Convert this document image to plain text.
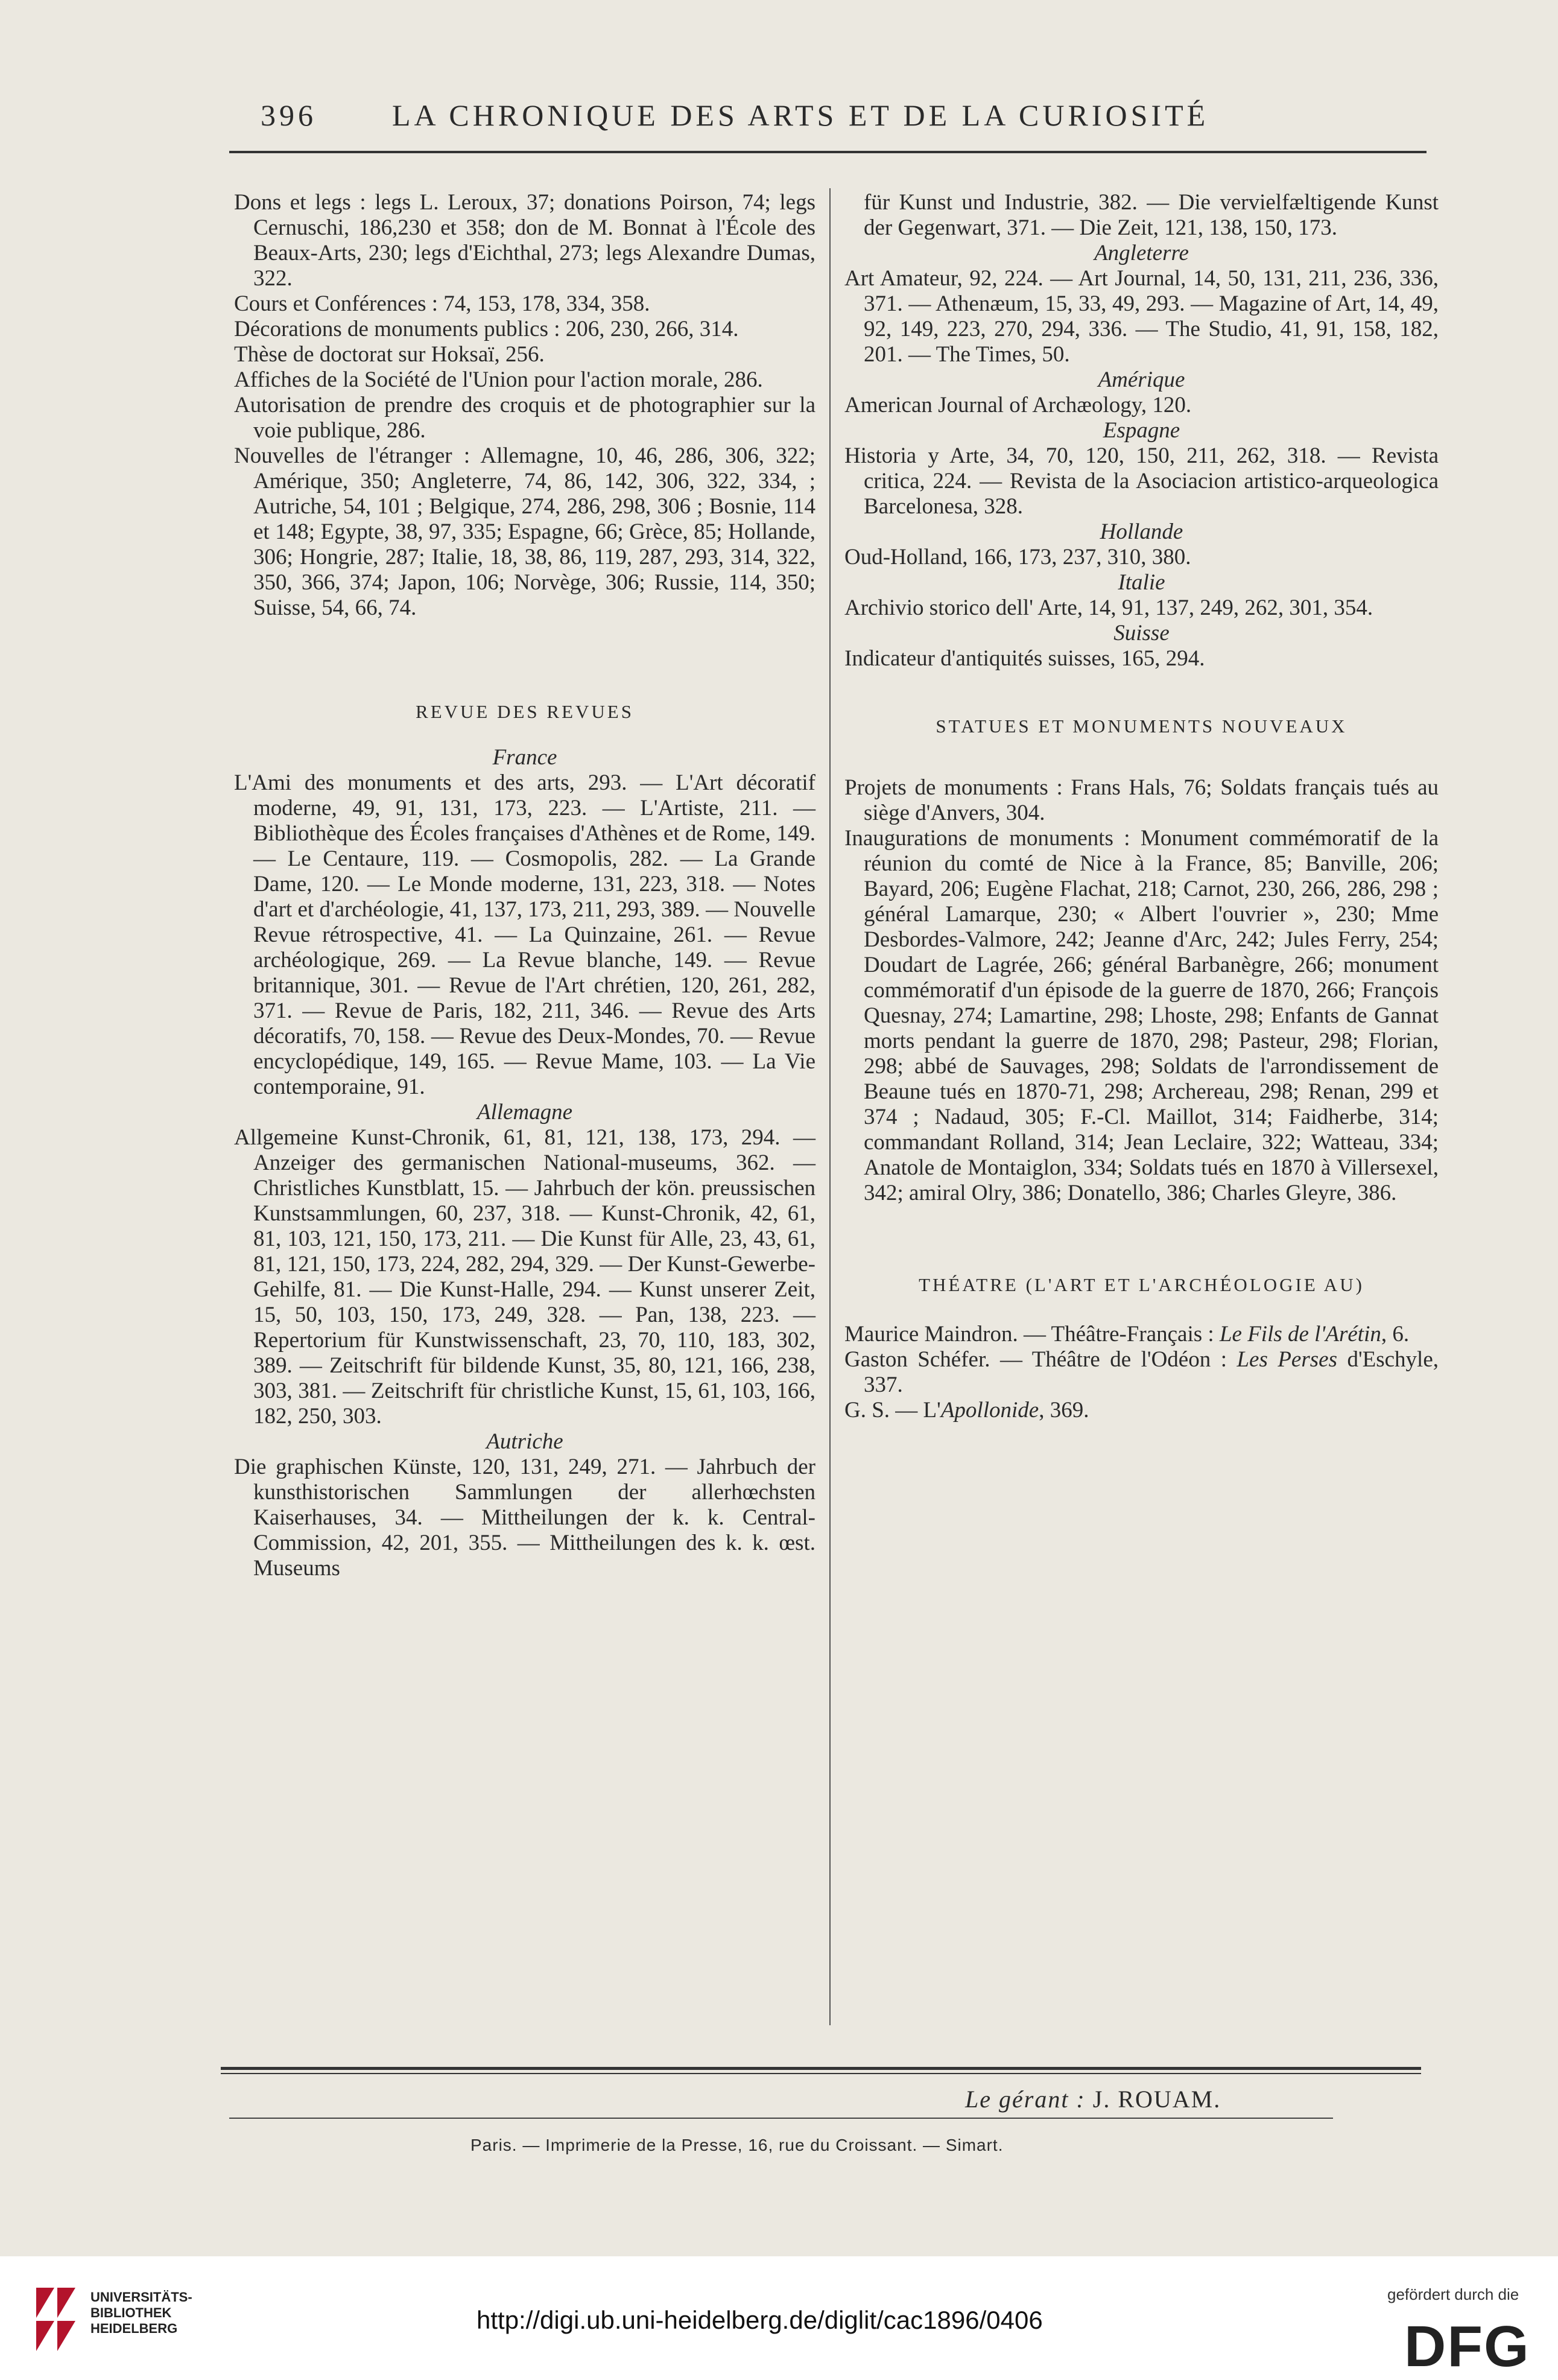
396	LA CHRONIQUE DES ARTS ET DE LA CURIOSITÉ

Dons et legs : legs L. Leroux, 37; donations Poirson, 74; legs Cernuschi, 186,230 et 358; don de M. Bonnat à l'École des Beaux-Arts, 230; legs d'Eichthal, 273; legs Alexandre Dumas, 322.

Cours et Conférences : 74, 153, 178, 334, 358.

Décorations de monuments publics : 206, 230, 266, 314.

Thèse de doctorat sur Hoksaï, 256.

Affiches de la Société de l'Union pour l'action morale, 286.

Autorisation de prendre des croquis et de photographier sur la voie publique, 286.

Nouvelles de l'étranger : Allemagne, 10, 46, 286, 306, 322; Amérique, 350; Angleterre, 74, 86, 142, 306, 322, 334, ; Autriche, 54, 101 ; Belgique, 274, 286, 298, 306 ; Bosnie, 114 et 148; Egypte, 38, 97, 335; Espagne, 66; Grèce, 85; Hollande, 306; Hongrie, 287; Italie, 18, 38, 86, 119, 287, 293, 314, 322, 350, 366, 374; Japon, 106; Norvège, 306; Russie, 114, 350; Suisse, 54, 66, 74.

REVUE DES REVUES

France

L'Ami des monuments et des arts, 293. — L'Art décoratif moderne, 49, 91, 131, 173, 223. — L'Artiste, 211. — Bibliothèque des Écoles françaises d'Athènes et de Rome, 149. — Le Centaure, 119. — Cosmopolis, 282. — La Grande Dame, 120. — Le Monde moderne, 131, 223, 318. — Notes d'art et d'archéologie, 41, 137, 173, 211, 293, 389. — Nouvelle Revue rétrospective, 41. — La Quinzaine, 261. — Revue archéologique, 269. — La Revue blanche, 149. — Revue britannique, 301. — Revue de l'Art chrétien, 120, 261, 282, 371. — Revue de Paris, 182, 211, 346. — Revue des Arts décoratifs, 70, 158. — Revue des Deux-Mondes, 70. — Revue encyclopédique, 149, 165. — Revue Mame, 103. — La Vie contemporaine, 91.

Allemagne

Allgemeine Kunst-Chronik, 61, 81, 121, 138, 173, 294. — Anzeiger des germanischen National-museums, 362. — Christliches Kunstblatt, 15. — Jahrbuch der kön. preussischen Kunstsammlungen, 60, 237, 318. — Kunst-Chronik, 42, 61, 81, 103, 121, 150, 173, 211. — Die Kunst für Alle, 23, 43, 61, 81, 121, 150, 173, 224, 282, 294, 329. — Der Kunst-Gewerbe-Gehilfe, 81. — Die Kunst-Halle, 294. — Kunst unserer Zeit, 15, 50, 103, 150, 173, 249, 328. — Pan, 138, 223. — Repertorium für Kunstwissenschaft, 23, 70, 110, 183, 302, 389. — Zeitschrift für bildende Kunst, 35, 80, 121, 166, 238, 303, 381. — Zeitschrift für christliche Kunst, 15, 61, 103, 166, 182, 250, 303.

Autriche

Die graphischen Künste, 120, 131, 249, 271. — Jahrbuch der kunsthistorischen Sammlungen der allerhœchsten Kaiserhauses, 34. — Mittheilungen der k. k. Central-Commission, 42, 201, 355. — Mittheilungen des k. k. œst. Museums

für Kunst und Industrie, 382. — Die vervielfæltigende Kunst der Gegenwart, 371. — Die Zeit, 121, 138, 150, 173.

Angleterre

Art Amateur, 92, 224. — Art Journal, 14, 50, 131, 211, 236, 336, 371. — Athenæum, 15, 33, 49, 293. — Magazine of Art, 14, 49, 92, 149, 223, 270, 294, 336. — The Studio, 41, 91, 158, 182, 201. — The Times, 50.

Amérique

American Journal of Archæology, 120.

Espagne

Historia y Arte, 34, 70, 120, 150, 211, 262, 318. — Revista critica, 224. — Revista de la Asociacion artistico-arqueologica Barcelonesa, 328.

Hollande

Oud-Holland, 166, 173, 237, 310, 380.

Italie

Archivio storico dell' Arte, 14, 91, 137, 249, 262, 301, 354.

Suisse

Indicateur d'antiquités suisses, 165, 294.

STATUES ET MONUMENTS NOUVEAUX

Projets de monuments : Frans Hals, 76; Soldats français tués au siège d'Anvers, 304.

Inaugurations de monuments : Monument commémoratif de la réunion du comté de Nice à la France, 85; Banville, 206; Bayard, 206; Eugène Flachat, 218; Carnot, 230, 266, 286, 298 ; général Lamarque, 230; « Albert l'ouvrier », 230; Mme Desbordes-Valmore, 242; Jeanne d'Arc, 242; Jules Ferry, 254; Doudart de Lagrée, 266; général Barbanègre, 266; monument commémoratif d'un épisode de la guerre de 1870, 266; François Quesnay, 274; Lamartine, 298; Lhoste, 298; Enfants de Gannat morts pendant la guerre de 1870, 298; Pasteur, 298; Florian, 298; abbé de Sauvages, 298; Soldats de l'arrondissement de Beaune tués en 1870-71, 298; Archereau, 298; Renan, 299 et 374 ; Nadaud, 305; F.-Cl. Maillot, 314; Faidherbe, 314; commandant Rolland, 314; Jean Leclaire, 322; Watteau, 334; Anatole de Montaiglon, 334; Soldats tués en 1870 à Villersexel, 342; amiral Olry, 386; Donatello, 386; Charles Gleyre, 386.

THÉATRE (L'ART ET L'ARCHÉOLOGIE AU)

Maurice Maindron. — Théâtre-Français : Le Fils de l'Arétin, 6.

Gaston Schéfer. — Théâtre de l'Odéon : Les Perses d'Eschyle, 337.

G. S. — L'Apollonide, 369.

Le gérant : J. ROUAM.
Paris. — Imprimerie de la Presse, 16, rue du Croissant. — Simart.
UNIVERSITÄTS-
BIBLIOTHEK
HEIDELBERG	http://digi.ub.uni-heidelberg.de/diglit/cac1896/0406
gefördert durch die
DFG
